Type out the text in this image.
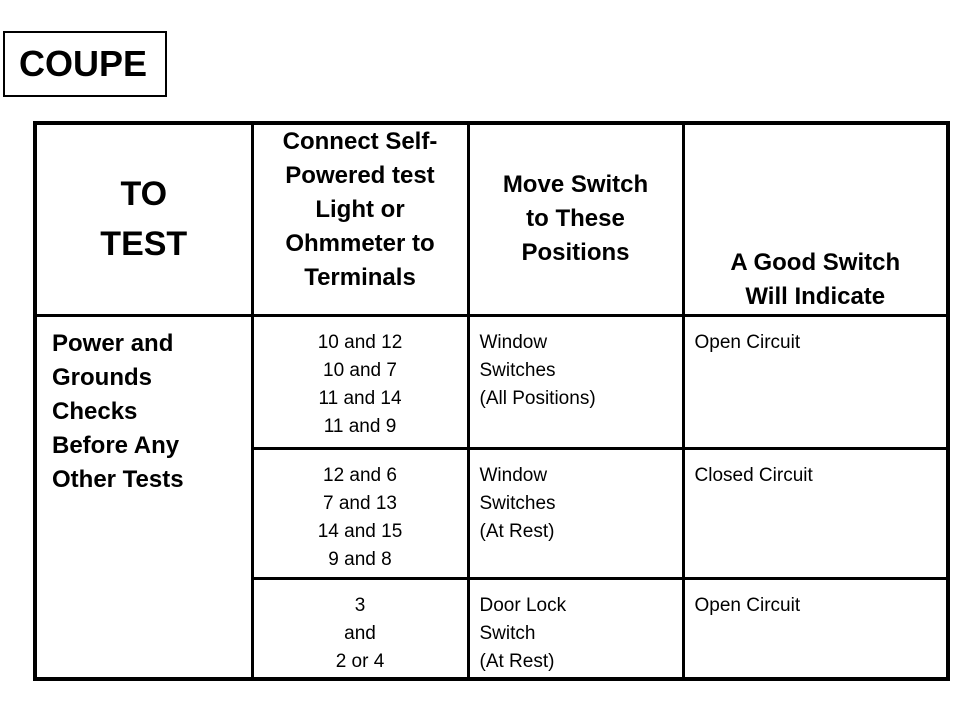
COUPE
TO
TEST	Connect Self-
Powered test
Light or
Ohmmeter to
Terminals	Move Switch
to These
Positions	A Good Switch
Will Indicate

Power and
Grounds
Checks
Before Any
Other Tests	10 and 12
10 and 7
11 and 14
11 and 9	Window
Switches
(All Positions)	Open Circuit

	12 and 6
7 and 13
14 and 15
9 and 8	Window
Switches
(At Rest)	Closed Circuit

	3
and
2 or 4	Door Lock
Switch
(At Rest)	Open Circuit
